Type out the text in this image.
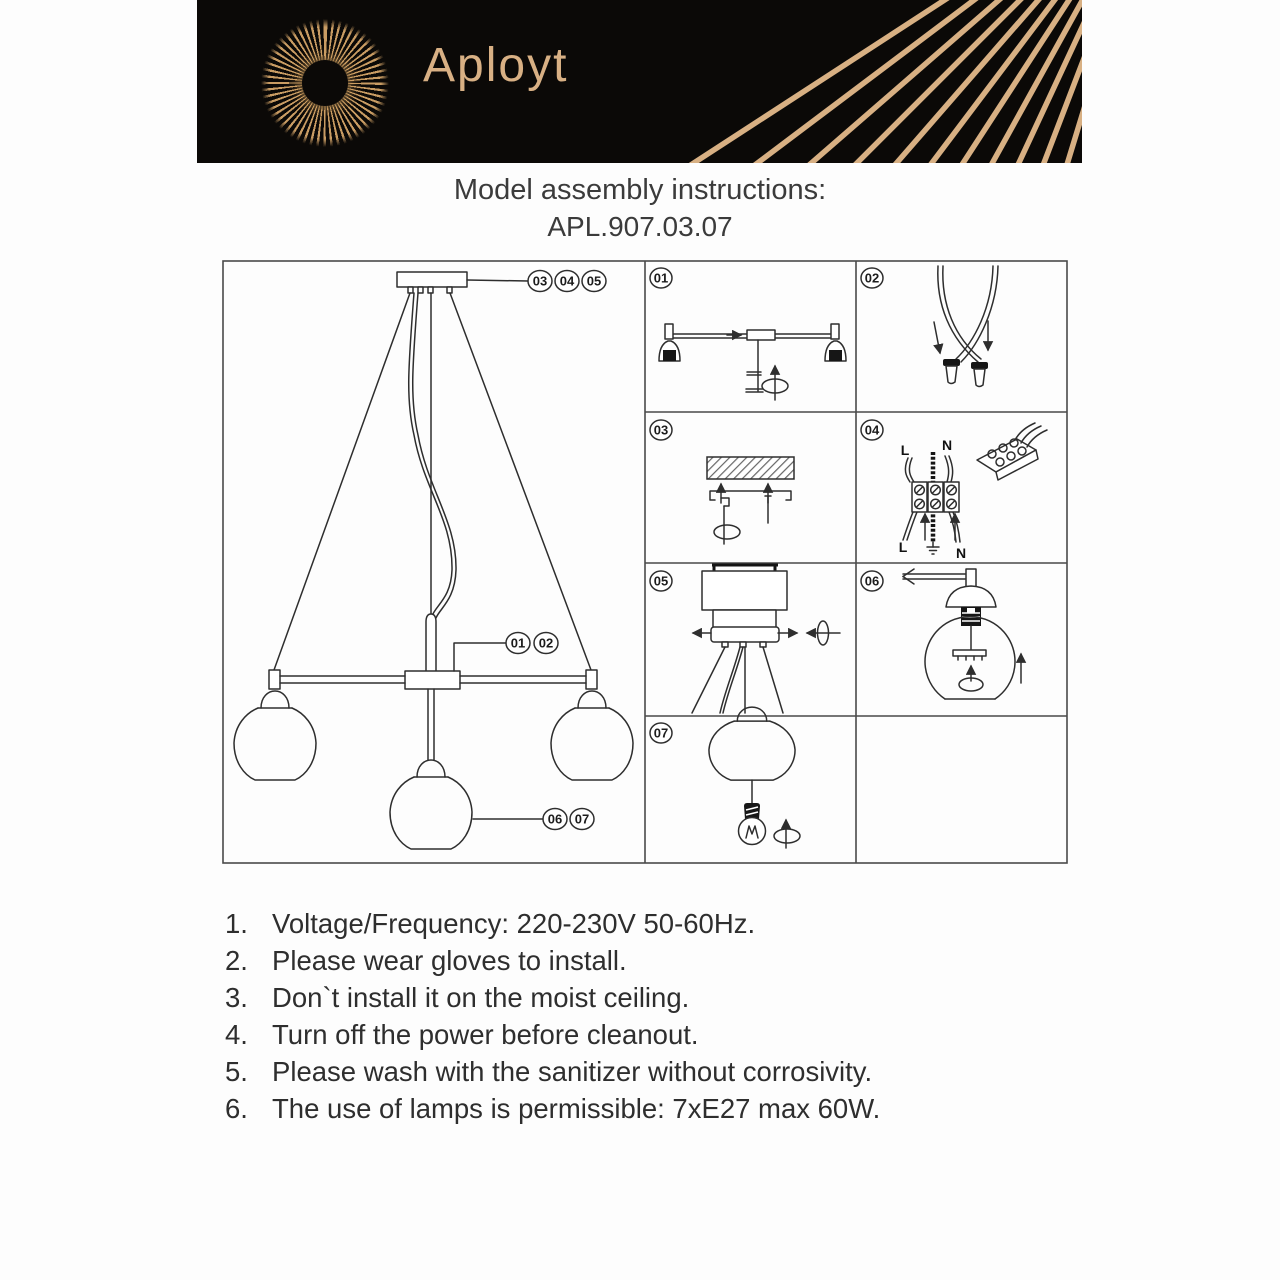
Aployt
Model assembly instructions:
APL.907.03.07
03 04 05
01 02
06 07
01	02
03	04
05	06
07
L N
L	N
1. Voltage/Frequency: 220-230V 50-60Hz.
2. Please wear gloves to install.
3. Don`t install it on the moist ceiling.
4. Turn off the power before cleanout.
5. Please wash with the sanitizer without corrosivity.
6. The use of lamps is permissible: 7xE27 max 60W.
